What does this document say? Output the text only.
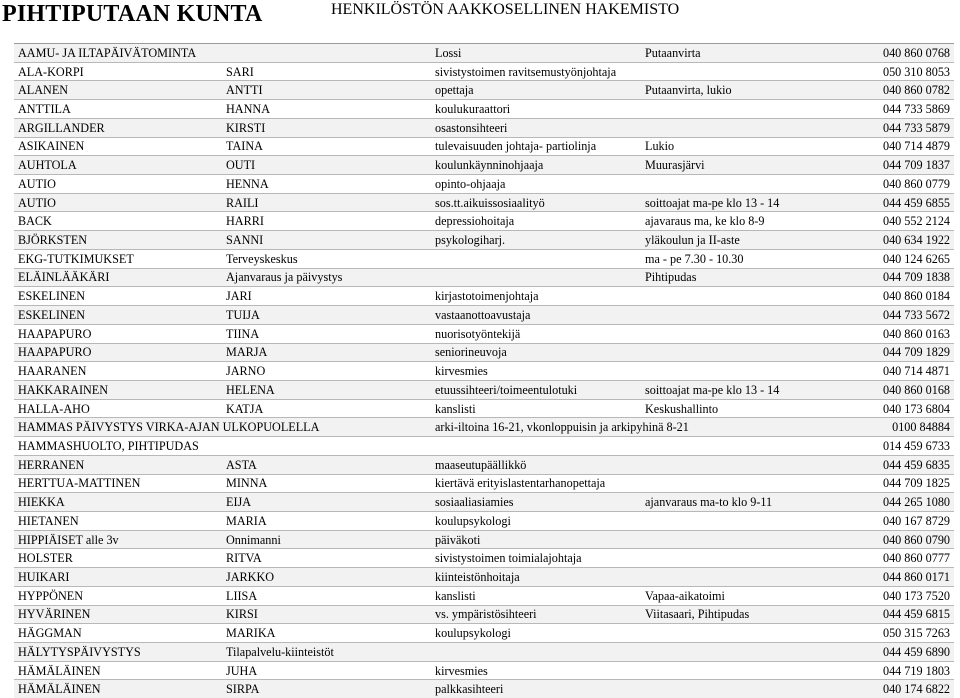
PIHTIPUTAAN KUNTA	HENKILÖSTÖN AAKKOSELLINEN HAKEMISTO
AAMU- JA ILTAPÄIVÄTOMINTA		Lossi	Putaanvirta	040 860 0768
ALA-KORPI	SARI	sivistystoimen ravitsemustyönjohtaja		050 310 8053
ALANEN	ANTTI	opettaja	Putaanvirta, lukio	040 860 0782
ANTTILA	HANNA	koulukuraattori		044 733 5869
ARGILLANDER	KIRSTI	osastonsihteeri		044 733 5879
ASIKAINEN	TAINA	tulevaisuuden johtaja- partiolinja	Lukio	040 714 4879
AUHTOLA	OUTI	koulunkäynninohjaaja	Muurasjärvi	044 709 1837
AUTIO	HENNA	opinto-ohjaaja		040 860 0779
AUTIO	RAILI	sos.tt.aikuissosiaalityö	soittoajat ma-pe klo 13 - 14	044 459 6855
BACK	HARRI	depressiohoitaja	ajavaraus ma, ke klo 8-9	040 552 2124
BJÖRKSTEN	SANNI	psykologiharj.	yläkoulun ja II-aste	040 634 1922
EKG-TUTKIMUKSET	Terveyskeskus		ma - pe 7.30 - 10.30	040 124 6265
ELÄINLÄÄKÄRI	Ajanvaraus ja päivystys		Pihtipudas	044 709 1838
ESKELINEN	JARI	kirjastotoimenjohtaja		040 860 0184
ESKELINEN	TUIJA	vastaanottoavustaja		044 733 5672
HAAPAPURO	TIINA	nuorisotyöntekijä		040 860 0163
HAAPAPURO	MARJA	seniorineuvoja		044 709 1829
HAARANEN	JARNO	kirvesmies		040 714 4871
HAKKARAINEN	HELENA	etuussihteeri/toimeentulotuki	soittoajat ma-pe klo 13 - 14	040 860 0168
HALLA-AHO	KATJA	kanslisti	Keskushallinto	040 173 6804
HAMMAS PÄIVYSTYS VIRKA-AJAN ULKOPUOLELLA		arki-iltoina 16-21, vkonloppuisin ja arkipyhinä 8-21		0100 84884
HAMMASHUOLTO, PIHTIPUDAS				014 459 6733
HERRANEN	ASTA	maaseutupäällikkö		044 459 6835
HERTTUA-MATTINEN	MINNA	kiertävä erityislastentarhanopettaja		044 709 1825
HIEKKA	EIJA	sosiaaliasiamies	ajanvaraus ma-to klo 9-11	044 265 1080
HIETANEN	MARIA	koulupsykologi		040 167 8729
HIPPIÄISET alle 3v	Onnimanni	päiväkoti		040 860 0790
HOLSTER	RITVA	sivistystoimen toimialajohtaja		040 860 0777
HUIKARI	JARKKO	kiinteistönhoitaja		044 860 0171
HYPPÖNEN	LIISA	kanslisti	Vapaa-aikatoimi	040 173 7520
HYVÄRINEN	KIRSI	vs. ympäristösihteeri	Viitasaari, Pihtipudas	044 459 6815
HÄGGMAN	MARIKA	koulupsykologi		050 315 7263
HÄLYTYSPÄIVYSTYS	Tilapalvelu-kiinteistöt			044 459 6890
HÄMÄLÄINEN	JUHA	kirvesmies		044 719 1803
HÄMÄLÄINEN	SIRPA	palkkasihteeri		040 174 6822
